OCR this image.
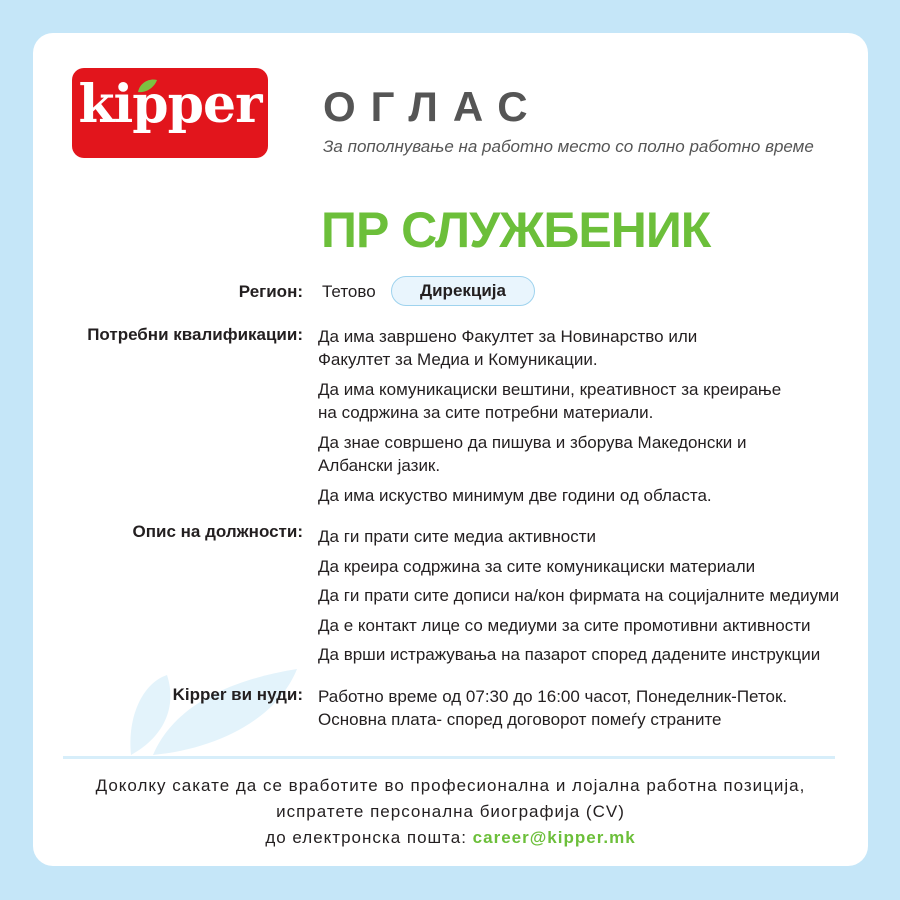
kipper ОГЛАС
За пополнување на работно место со полно работно време
ПР СЛУЖБЕНИК
Регион: Тетово	Дирекција
Потребни квалификации: Да има завршено Факултет за Новинарство или
Факултет за Медиа и Комуникации.

Да има комуникациски вештини, креативност за креирање
на содржина за сите потребни материали.

Да знае совршено да пишува и зборува Македонски и
Албански јазик.

Да има искуство минимум две години од областа.

Опис на должности: Да ги прати сите медиа активности

Да креира содржина за сите комуникациски материали

Да ги прати сите дописи на/кон фирмата на социјалните медиуми

Да е контакт лице со медиуми за сите промотивни активности

Да врши истражувања на пазарот според дадените инструкции

Kipper ви нуди: Работно време од 07:30 до 16:00 часот, Понеделник-Петок.

Основна плата- според договорот помеѓу страните

Доколку сакате да се вработите во професионална и лојална работна позиција,
испратете персонална биографија (CV)
до електронска пошта: career@kipper.mk
